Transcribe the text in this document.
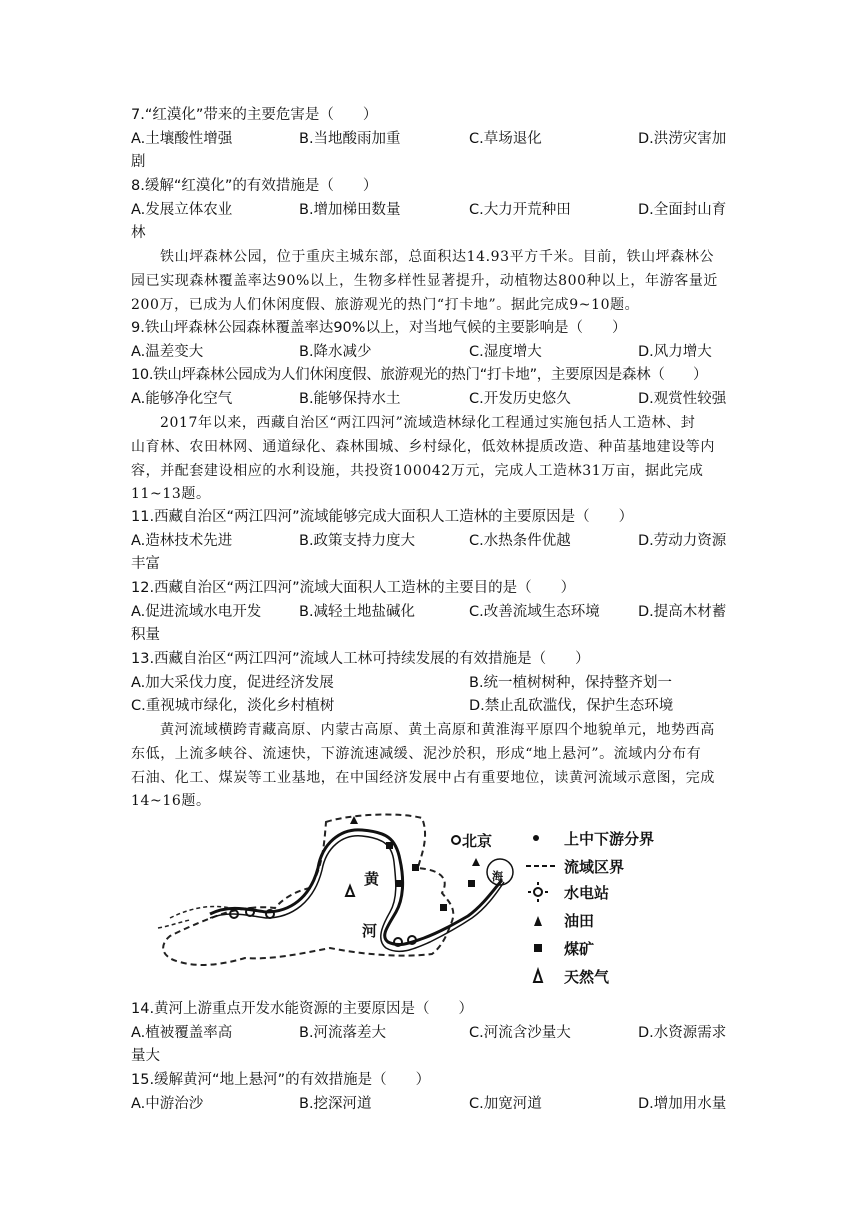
7.“红漠化”带来的主要危害是（　　）
A.土壤酸性增强	B.当地酸雨加重	C.草场退化	D.洪涝灾害加
剧
8.缓解“红漠化”的有效措施是（　　）
A.发展立体农业	B.增加梯田数量	C.大力开荒种田	D.全面封山育
林
铁山坪森林公园，位于重庆主城东部，总面积达14.93平方千米。目前，铁山坪森林公
园已实现森林覆盖率达90%以上，生物多样性显著提升，动植物达800种以上，年游客量近
200万，已成为人们休闲度假、旅游观光的热门“打卡地”。据此完成9~10题。
9.铁山坪森林公园森林覆盖率达90%以上，对当地气候的主要影响是（　　）
A.温差变大	B.降水减少	C.湿度增大	D.风力增大
10.铁山坪森林公园成为人们休闲度假、旅游观光的热门“打卡地”，主要原因是森林（　　）
A.能够净化空气	B.能够保持水土	C.开发历史悠久	D.观赏性较强
2017年以来，西藏自治区“两江四河”流域造林绿化工程通过实施包括人工造林、封
山育林、农田林网、通道绿化、森林围城、乡村绿化，低效林提质改造、种苗基地建设等内
容，并配套建设相应的水利设施，共投资100042万元，完成人工造林31万亩，据此完成
11~13题。
11.西藏自治区“两江四河”流域能够完成大面积人工造林的主要原因是（　　）
A.造林技术先进	B.政策支持力度大	C.水热条件优越	D.劳动力资源
丰富
12.西藏自治区“两江四河”流域大面积人工造林的主要目的是（　　）
A.促进流域水电开发	B.减轻土地盐碱化	C.改善流域生态环境	D.提高木材蓄
积量
13.西藏自治区“两江四河”流域人工林可持续发展的有效措施是（　　）
A.加大采伐力度，促进经济发展	B.统一植树树种，保持整齐划一
C.重视城市绿化，淡化乡村植树	D.禁止乱砍滥伐，保护生态环境
黄河流域横跨青藏高原、内蒙古高原、黄土高原和黄淮海平原四个地貌单元，地势西高
东低，上流多峡谷、流速快，下游流速减缓、泥沙於积，形成“地上悬河”。流域内分布有
石油、化工、煤炭等工业基地，在中国经济发展中占有重要地位，读黄河流域示意图，完成
14~16题。
北京
黄
河
海
上中下游分界
流域区界
水电站
油田
煤矿
天然气
14.黄河上游重点开发水能资源的主要原因是（　　）
A.植被覆盖率高	B.河流落差大	C.河流含沙量大	D.水资源需求
量大
15.缓解黄河“地上悬河”的有效措施是（　　）
A.中游治沙	B.挖深河道	C.加宽河道	D.增加用水量
